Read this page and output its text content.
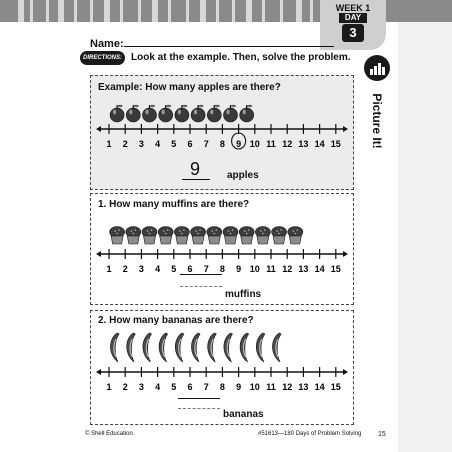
WEEK 1
DAY
3
Picture It!
Name:
DIRECTIONS: Look at the example. Then, solve the problem.
Example: How many apples are there?
1 2 3 4 5 6 7 8 9 10 11 12 13 14 15
9	apples
1. How many muffins are there?
1 2 3 4 5 6 7 8 9 10 11 12 13 14 15
muffins
2. How many bananas are there?
1 2 3 4 5 6 7 8 9 10 11 12 13 14 15
bananas
© Shell Education	#51613—180 Days of Problem Solving 15
